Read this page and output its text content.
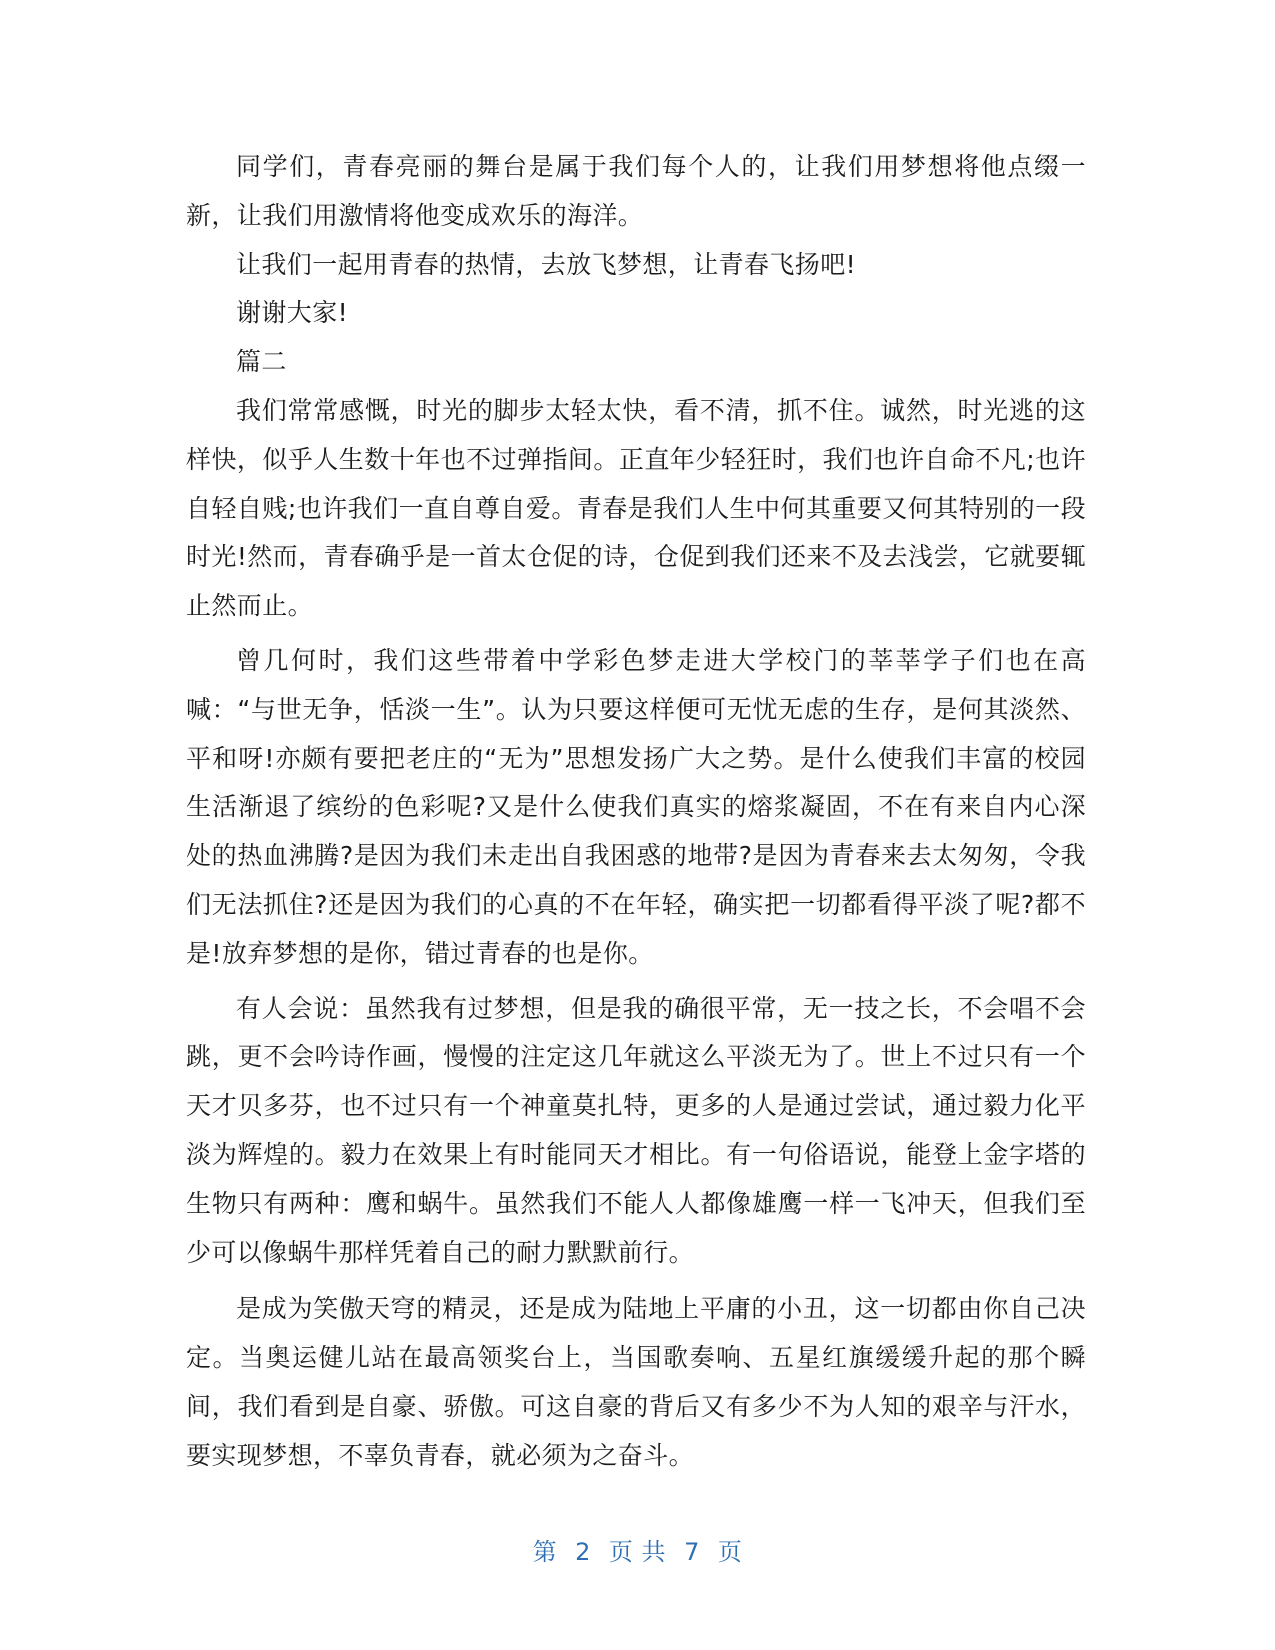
同学们，青春亮丽的舞台是属于我们每个人的，让我们用梦想将他点缀一新，让我们用激情将他变成欢乐的海洋。

让我们一起用青春的热情，去放飞梦想，让青春飞扬吧!

谢谢大家!

篇二

我们常常感慨，时光的脚步太轻太快，看不清，抓不住。诚然，时光逃的这样快，似乎人生数十年也不过弹指间。正直年少轻狂时，我们也许自命不凡;也许自轻自贱;也许我们一直自尊自爱。青春是我们人生中何其重要又何其特别的一段时光!然而，青春确乎是一首太仓促的诗，仓促到我们还来不及去浅尝，它就要辄止然而止。

曾几何时，我们这些带着中学彩色梦走进大学校门的莘莘学子们也在高喊：“与世无争，恬淡一生”。认为只要这样便可无忧无虑的生存，是何其淡然、平和呀!亦颇有要把老庄的“无为”思想发扬广大之势。是什么使我们丰富的校园生活渐退了缤纷的色彩呢?又是什么使我们真实的熔浆凝固，不在有来自内心深处的热血沸腾?是因为我们未走出自我困惑的地带?是因为青春来去太匆匆，令我们无法抓住?还是因为我们的心真的不在年轻，确实把一切都看得平淡了呢?都不是!放弃梦想的是你，错过青春的也是你。

有人会说：虽然我有过梦想，但是我的确很平常，无一技之长，不会唱不会跳，更不会吟诗作画，慢慢的注定这几年就这么平淡无为了。世上不过只有一个天才贝多芬，也不过只有一个神童莫扎特，更多的人是通过尝试，通过毅力化平淡为辉煌的。毅力在效果上有时能同天才相比。有一句俗语说，能登上金字塔的生物只有两种：鹰和蜗牛。虽然我们不能人人都像雄鹰一样一飞冲天，但我们至少可以像蜗牛那样凭着自己的耐力默默前行。

是成为笑傲天穹的精灵，还是成为陆地上平庸的小丑，这一切都由你自己决定。当奥运健儿站在最高领奖台上，当国歌奏响、五星红旗缓缓升起的那个瞬间，我们看到是自豪、骄傲。可这自豪的背后又有多少不为人知的艰辛与汗水，要实现梦想，不辜负青春，就必须为之奋斗。

第 2 页 共 7 页
